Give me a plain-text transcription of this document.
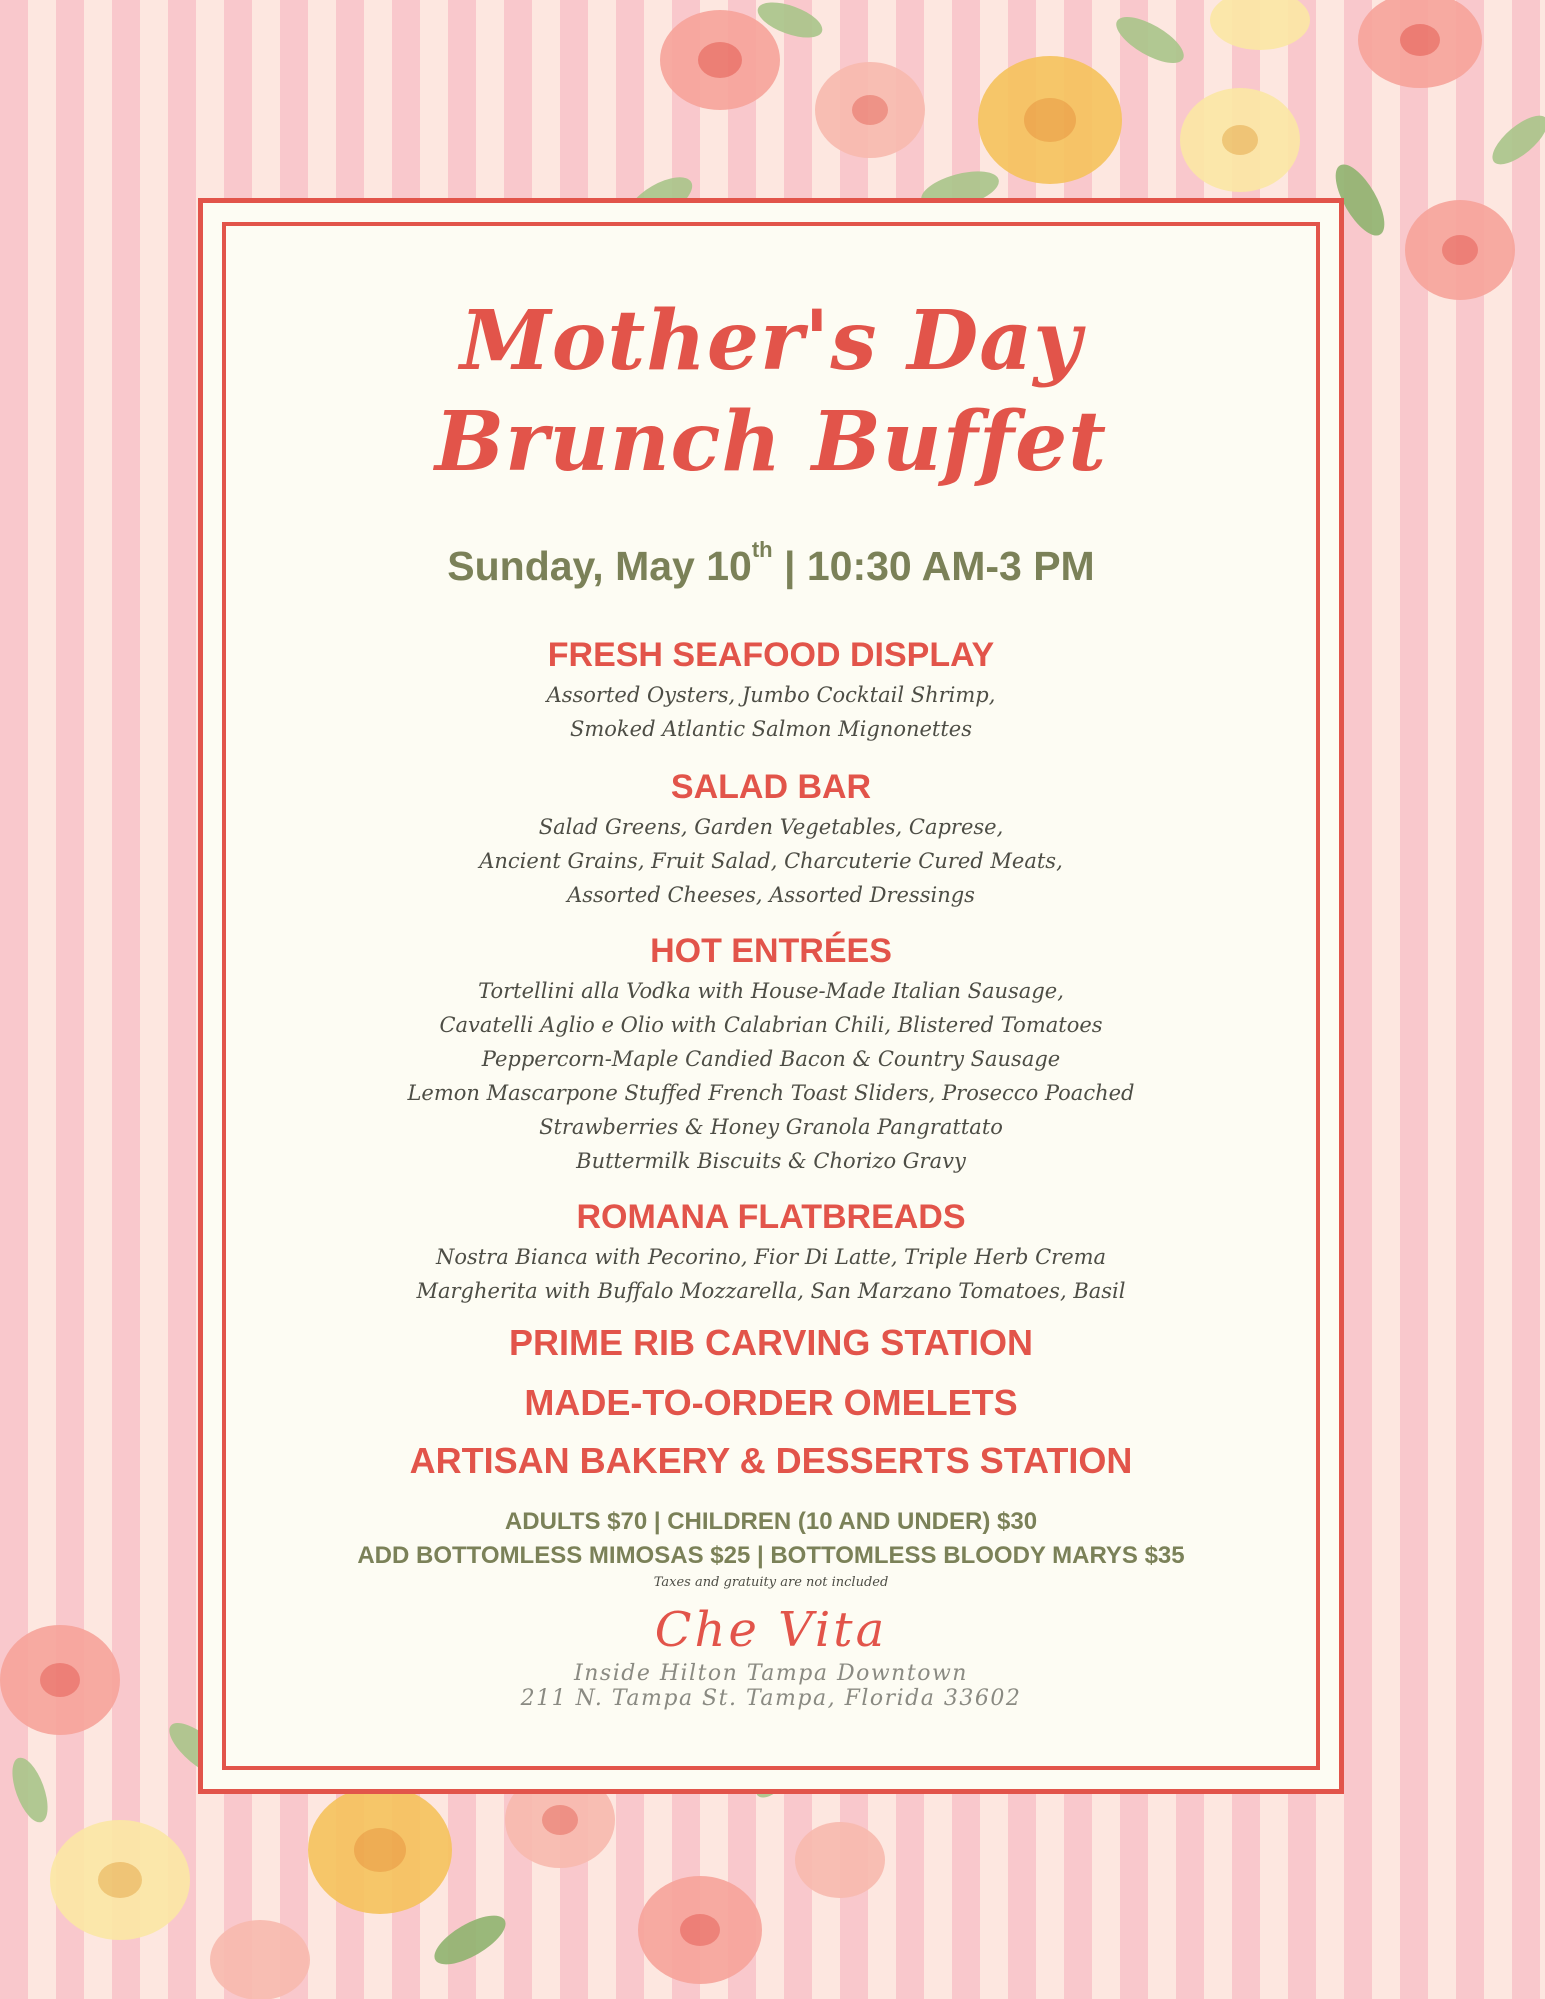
Mother's Day
Brunch Buffet
Sunday, May 10th | 10:30 AM-3 PM
FRESH SEAFOOD DISPLAY
Assorted Oysters, Jumbo Cocktail Shrimp,
Smoked Atlantic Salmon Mignonettes
SALAD BAR
Salad Greens, Garden Vegetables, Caprese,
Ancient Grains, Fruit Salad, Charcuterie Cured Meats,
Assorted Cheeses, Assorted Dressings
HOT ENTRÉES
Tortellini alla Vodka with House-Made Italian Sausage,
Cavatelli Aglio e Olio with Calabrian Chili, Blistered Tomatoes
Peppercorn-Maple Candied Bacon & Country Sausage
Lemon Mascarpone Stuffed French Toast Sliders, Prosecco Poached
Strawberries & Honey Granola Pangrattato
Buttermilk Biscuits & Chorizo Gravy
ROMANA FLATBREADS
Nostra Bianca with Pecorino, Fior Di Latte, Triple Herb Crema
Margherita with Buffalo Mozzarella, San Marzano Tomatoes, Basil
PRIME RIB CARVING STATION
MADE-TO-ORDER OMELETS
ARTISAN BAKERY & DESSERTS STATION
ADULTS $70 | CHILDREN (10 AND UNDER) $30
ADD BOTTOMLESS MIMOSAS $25 | BOTTOMLESS BLOODY MARYS $35
Taxes and gratuity are not included
Che Vita
Inside Hilton Tampa Downtown
211 N. Tampa St. Tampa, Florida 33602
